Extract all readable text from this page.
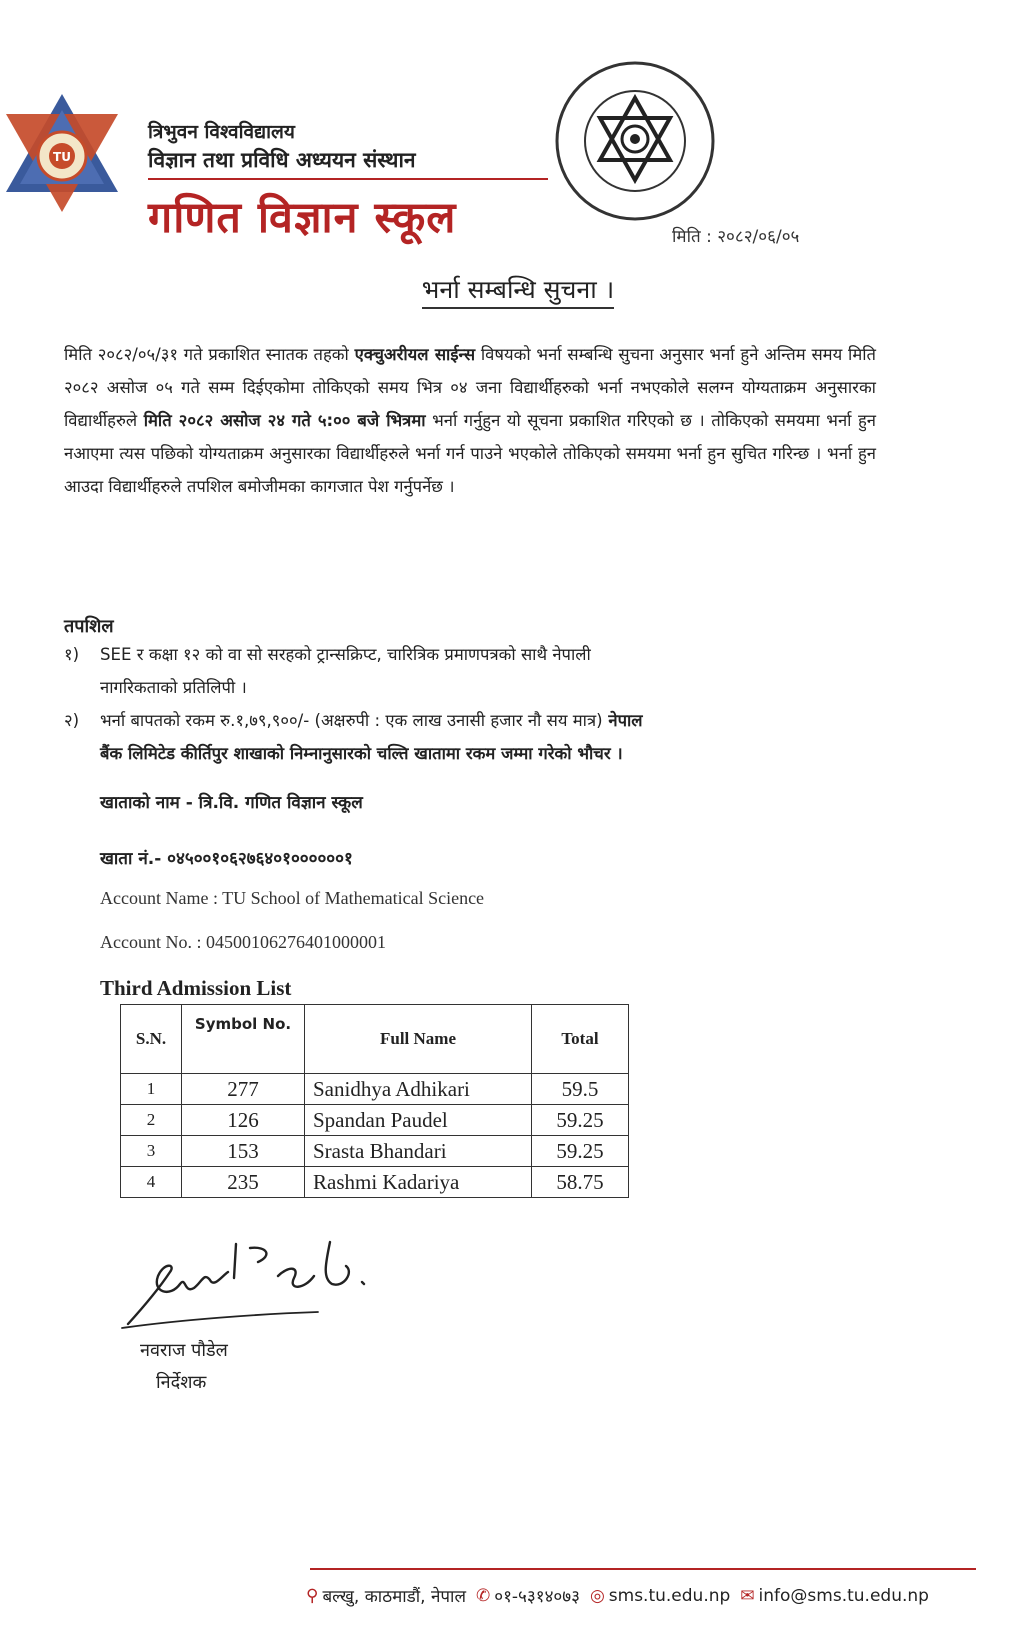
TU
त्रिभुवन विश्वविद्यालय
विज्ञान तथा प्रविधि अध्ययन संस्थान
गणित विज्ञान स्कूल	मिति : २०८२/०६/०५
भर्ना सम्बन्धि सुचना ।
मिति २०८२/०५/३१ गते प्रकाशित स्नातक तहको एक्चुअरीयल साईन्स विषयको भर्ना सम्बन्धि सुचना अनुसार भर्ना हुने अन्तिम समय मिति २०८२ असोज ०५ गते सम्म दिईएकोमा तोकिएको समय भित्र ०४ जना विद्यार्थीहरुको भर्ना नभएकोले सलग्न योग्यताक्रम अनुसारका विद्यार्थीहरुले मिति २०८२ असोज २४ गते ५:०० बजे भित्रमा भर्ना गर्नुहुन यो सूचना प्रकाशित गरिएको छ । तोकिएको समयमा भर्ना हुन नआएमा त्यस पछिको योग्यताक्रम अनुसारका विद्यार्थीहरुले भर्ना गर्न पाउने भएकोले तोकिएको समयमा भर्ना हुन सुचित गरिन्छ । भर्ना हुन आउदा विद्यार्थीहरुले तपशिल बमोजीमका कागजात पेश गर्नुपर्नेछ ।
तपशिल
१) SEE र कक्षा १२ को वा सो सरहको ट्रान्सक्रिप्ट, चारित्रिक प्रमाणपत्रको साथै नेपाली
नागरिकताको प्रतिलिपी ।
२) भर्ना बापतको रकम रु.१,७९,९००/- (अक्षरुपी : एक लाख उनासी हजार नौ सय मात्र) नेपाल
बैंक लिमिटेड कीर्तिपुर शाखाको निम्नानुसारको चल्ति खातामा रकम जम्मा गरेको भौचर ।
खाताको नाम - त्रि.वि. गणित विज्ञान स्कूल
खाता नं.- ०४५००१०६२७६४०१००००००१
Account Name : TU School of Mathematical Science
Account No. : 04500106276401000001
Third Admission List
S.N.	Symbol No.	Full Name	Total
1	277	Sanidhya Adhikari	59.5
2	126	Spandan Paudel	59.25
3	153	Srasta Bhandari	59.25
4	235	Rashmi Kadariya	58.75
नवराज पौडेल
निर्देशक
⚲ बल्खु, काठमाडौं, नेपाल ✆ ०१-५३१४०७३ ◎ sms.tu.edu.np ✉ info@sms.tu.edu.np
